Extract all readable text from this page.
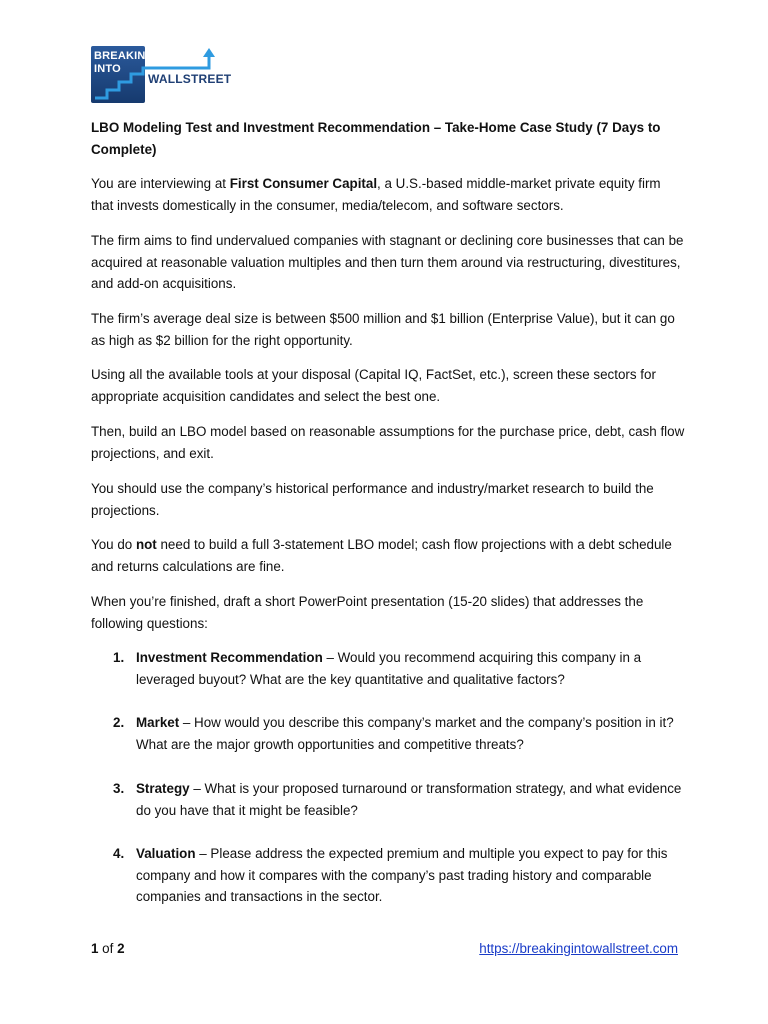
BREAKING
INTO
WALLSTREET
LBO Modeling Test and Investment Recommendation – Take-Home Case Study (7 Days to Complete)
You are interviewing at First Consumer Capital, a U.S.-based middle-market private equity firm that invests domestically in the consumer, media/telecom, and software sectors.
The firm aims to find undervalued companies with stagnant or declining core businesses that can be acquired at reasonable valuation multiples and then turn them around via restructuring, divestitures, and add-on acquisitions.
The firm’s average deal size is between $500 million and $1 billion (Enterprise Value), but it can go as high as $2 billion for the right opportunity.
Using all the available tools at your disposal (Capital IQ, FactSet, etc.), screen these sectors for appropriate acquisition candidates and select the best one.
Then, build an LBO model based on reasonable assumptions for the purchase price, debt, cash flow projections, and exit.
You should use the company’s historical performance and industry/market research to build the projections.
You do not need to build a full 3-statement LBO model; cash flow projections with a debt schedule and returns calculations are fine.
When you’re finished, draft a short PowerPoint presentation (15-20 slides) that addresses the following questions:
1. Investment Recommendation – Would you recommend acquiring this company in a leveraged buyout? What are the key quantitative and qualitative factors?
2. Market – How would you describe this company’s market and the company’s position in it? What are the major growth opportunities and competitive threats?
3. Strategy – What is your proposed turnaround or transformation strategy, and what evidence do you have that it might be feasible?
4. Valuation – Please address the expected premium and multiple you expect to pay for this company and how it compares with the company’s past trading history and comparable companies and transactions in the sector.
1 of 2	https://breakingintowallstreet.com
